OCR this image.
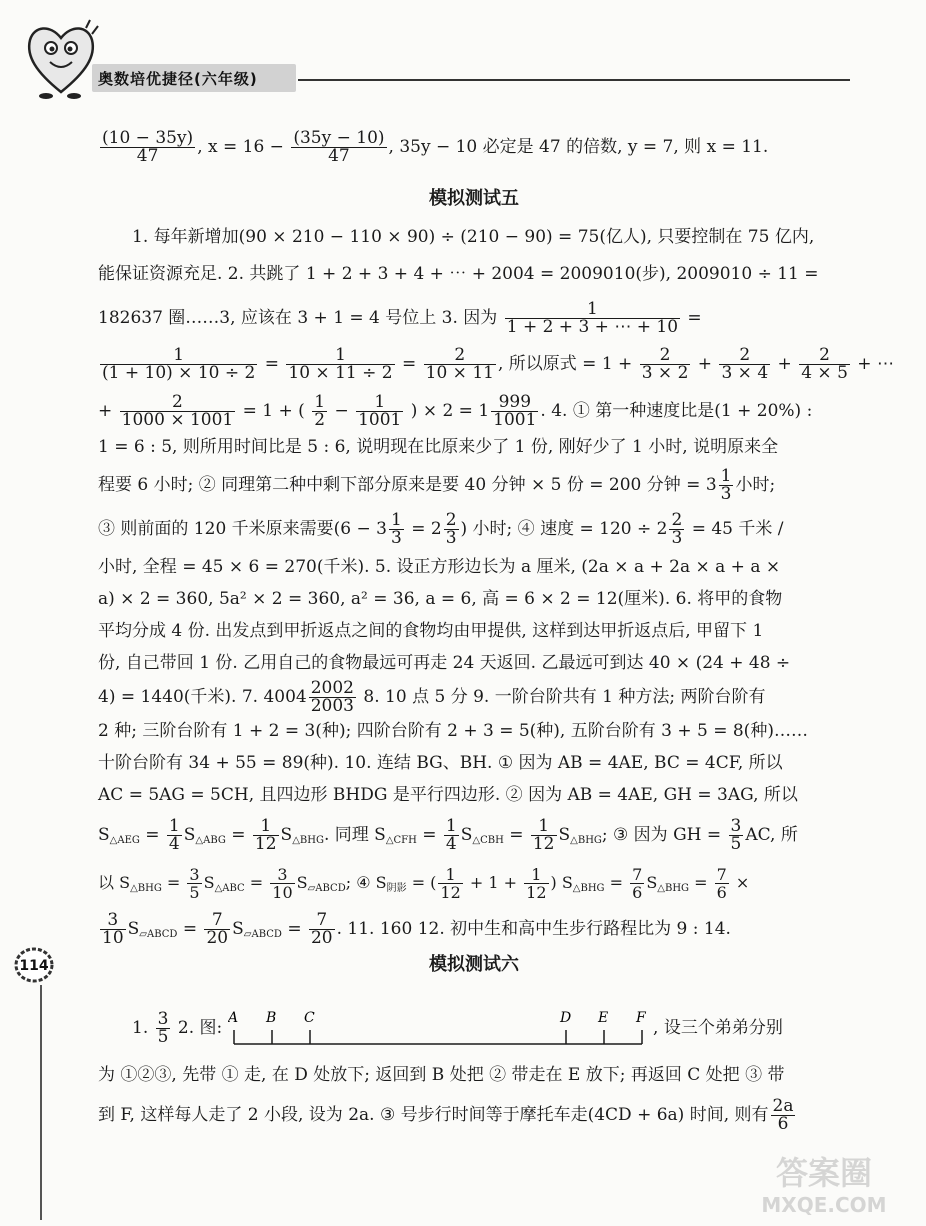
奥数培优捷径(六年级)
$\frac{(10 - 35y)}{47}$ , $x = 16 - \frac{(35y - 10)}{47}$ , 35y − 10 必定是 47 的倍数, y = 7, 则 x = 11.
模拟测试五
1. 每年新增加(90 × 210 − 110 × 90) ÷ (210 − 90) = 75(亿人), 只要控制在 75 亿内,
能保证资源充足. 2. 共跳了 1 + 2 + 3 + 4 + ⋯ + 2004 = 2009010(步), 2009010 ÷ 11 =
182637 圈……3, 应该在 3 + 1 = 4 号位上 3. 因为 $\frac{1}{1 + 2 + 3 + \cdots + 10}$ =
$\frac{1}{(1 + 10) \times 10 \div 2} = \frac{1}{10 \times 11 \div 2} = \frac{2}{10 \times 11}$ , 所以原式 = $1 + \frac{2}{3 \times 2} + \frac{2}{3 \times 4} + \frac{2}{4 \times 5}$ + ⋯
+ $\frac{2}{1000 \times 1001} = 1$ + ( $\frac{1}{2} - \frac{1}{1001}$ ) × $2 = 1 \frac{999}{1001}$ . 4. ① 第一种速度比是(1 + 20%) :
1 = 6 : 5, 则所用时间比是 5 : 6, 说明现在比原来少了 1 份, 刚好少了 1 小时, 说明原来全
程要 6 小时; ② 同理第二种中剩下部分原来是要 40 分钟 × 5 份 = 200 分钟 = $3 \frac{1}{3}$ 小时;
③ 则前面的 120 千米原来需要($6 - 3 \frac{1}{3} = 2 \frac{2}{3}$ ) 小时; ④ 速度 = $120 \div 2 \frac{2}{3} = 45$ 千米 /
小时, 全程 = 45 × 6 = 270(千米). 5. 设正方形边长为 a 厘米, (2a × a + 2a × a + a ×
a) × 2 = 360, 5a² × 2 = 360, a² = 36, a = 6, 高 = 6 × 2 = 12(厘米). 6. 将甲的食物
平均分成 4 份. 出发点到甲折返点之间的食物均由甲提供, 这样到达甲折返点后, 甲留下 1
份, 自己带回 1 份. 乙用自己的食物最远可再走 24 天返回. 乙最远可到达 40 × (24 + 48 ÷
4) = 1440(千米). 7. $4004 \frac{2002}{2003} 8$. 10 点 5 分 9. 一阶台阶共有 1 种方法; 两阶台阶有
2 种; 三阶台阶有 1 + 2 = 3(种); 四阶台阶有 2 + 3 = 5(种), 五阶台阶有 3 + 5 = 8(种)……
十阶台阶有 34 + 55 = 89(种). 10. 连结 BG、BH. ① 因为 AB = 4AE, BC = 4CF, 所以
AC = 5AG = 5CH, 且四边形 BHDG 是平行四边形. ② 因为 AB = 4AE, GH = 3AG, 所以
$S_{\triangle AEG} = \frac{1}{4} S_{\triangle ABG} = \frac{1}{12} S_{\triangle BHG}$. 同理 $S_{\triangle CFH} = \frac{1}{4} S_{\triangle CBH} = \frac{1}{12} S_{\triangle BHG}$; ③ 因为 GH = $\frac{3}{5}$ AC, 所
以 $S_{\triangle BHG} = \frac{3}{5} S_{\triangle ABC} = \frac{3}{10} S_{▱ABCD}$; ④ $S_{阴影}$ = ( $\frac{1}{12} + 1 + \frac{1}{12}$ ) $S_{\triangle BHG} = \frac{7}{6} S_{\triangle BHG} = \frac{7}{6}$ ×
$\frac{3}{10} S_{▱ABCD} = \frac{7}{20} S_{▱ABCD} = \frac{7}{20}$ . 11. 160 12. 初中生和高中生步行路程比为 9 : 14.
模拟测试六
1. $\frac{3}{5} 2$. 图: A B C	D E F , 设三个弟弟分别
为 ①②③, 先带 ① 走, 在 D 处放下; 返回到 B 处把 ② 带走在 E 放下; 再返回 C 处把 ③ 带
到 F, 这样每人走了 2 小段, 设为 2a. ③ 号步行时间等于摩托车走(4CD + 6a) 时间, 则有 $\frac{2a}{6}$
114
答案圈
MXQE.COM
